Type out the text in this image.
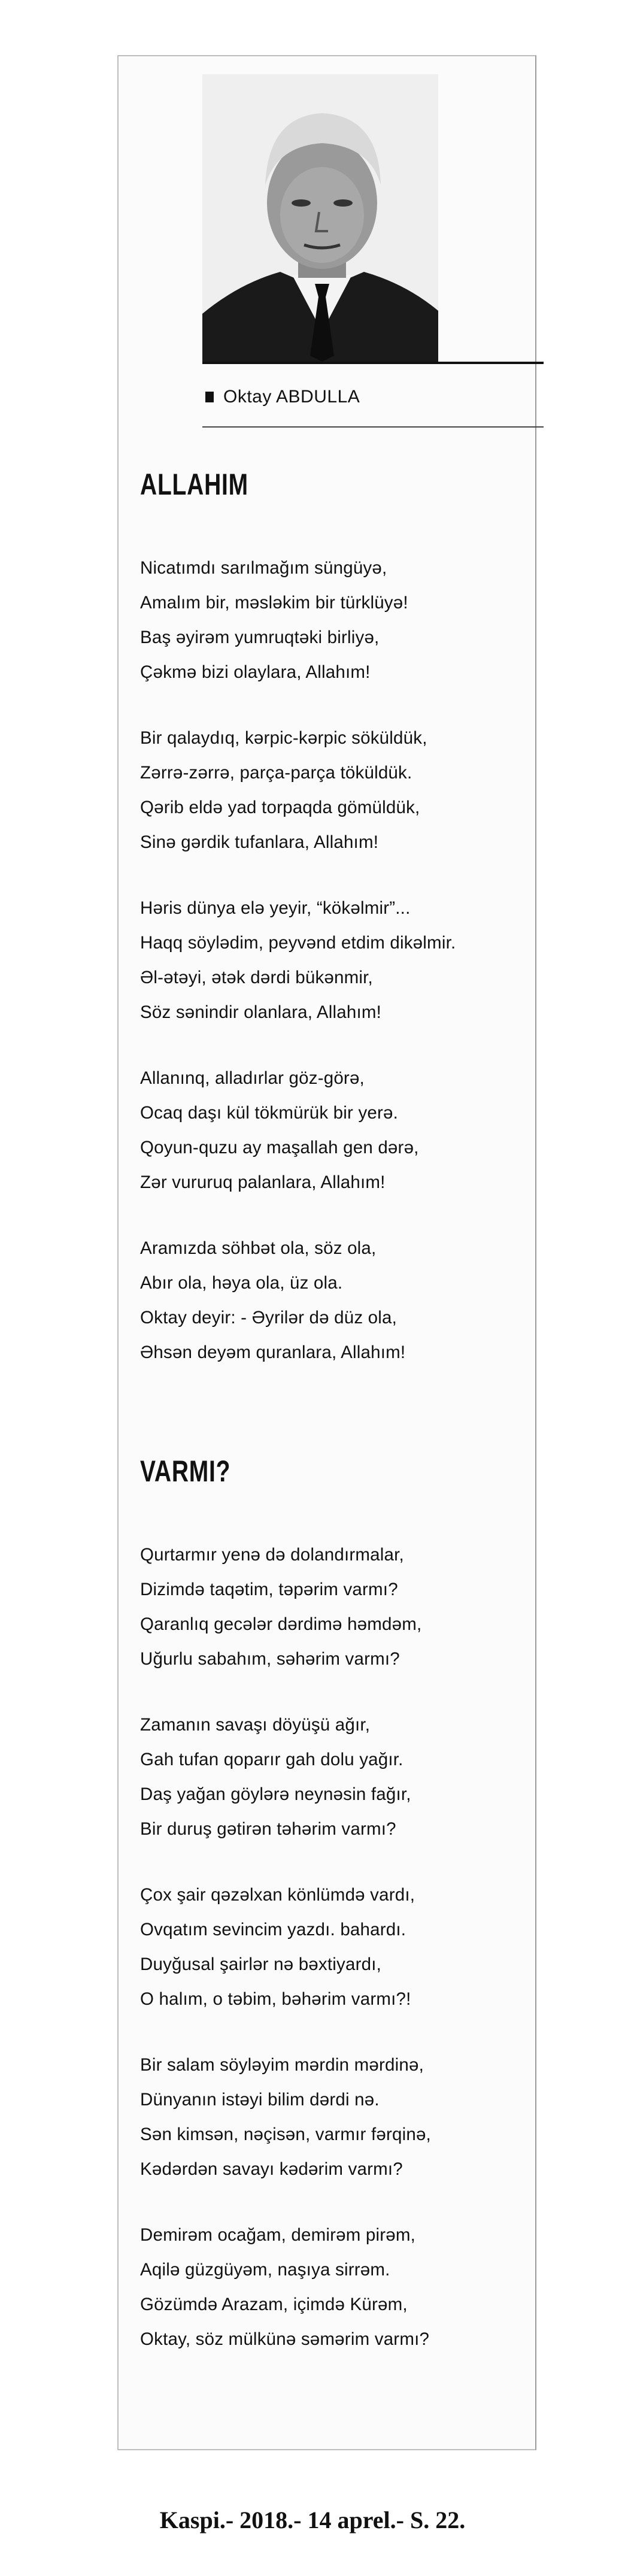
Oktay ABDULLA
ALLAHIM
Nicatımdı sarılmağım süngüyə,
Amalım bir, məsləkim bir türklüyə!
Baş əyirəm yumruqtəki birliyə,
Çəkmə bizi olaylara, Allahım!
Bir qalaydıq, kərpic-kərpic söküldük,
Zərrə-zərrə, parça-parça töküldük.
Qərib eldə yad torpaqda gömüldük,
Sinə gərdik tufanlara, Allahım!
Həris dünya elə yeyir, “kökəlmir”...
Haqq söylədim, peyvənd etdim dikəlmir.
Əl-ətəyi, ətək dərdi bükənmir,
Söz sənindir olanlara, Allahım!
Allanınq, alladırlar göz-görə,
Ocaq daşı kül tökmürük bir yerə.
Qoyun-quzu ay maşallah gen dərə,
Zər vururuq palanlara, Allahım!
Aramızda söhbət ola, söz ola,
Abır ola, həya ola, üz ola.
Oktay deyir: - Əyrilər də düz ola,
Əhsən deyəm quranlara, Allahım!
VARMI?
Qurtarmır yenə də dolandırmalar,
Dizimdə taqətim, təpərim varmı?
Qaranlıq gecələr dərdimə həmdəm,
Uğurlu sabahım, səhərim varmı?
Zamanın savaşı döyüşü ağır,
Gah tufan qoparır gah dolu yağır.
Daş yağan göylərə neynəsin fağır,
Bir duruş gətirən təhərim varmı?
Çox şair qəzəlxan könlümdə vardı,
Ovqatım sevincim yazdı. bahardı.
Duyğusal şairlər nə bəxtiyardı,
O halım, o təbim, bəhərim varmı?!
Bir salam söyləyim mərdin mərdinə,
Dünyanın istəyi bilim dərdi nə.
Sən kimsən, nəçisən, varmır fərqinə,
Kədərdən savayı kədərim varmı?
Demirəm ocağam, demirəm pirəm,
Aqilə güzgüyəm, naşıya sirrəm.
Gözümdə Arazam, içimdə Kürəm,
Oktay, söz mülkünə səmərim varmı?
Kaspi.- 2018.- 14 aprel.- S. 22.
